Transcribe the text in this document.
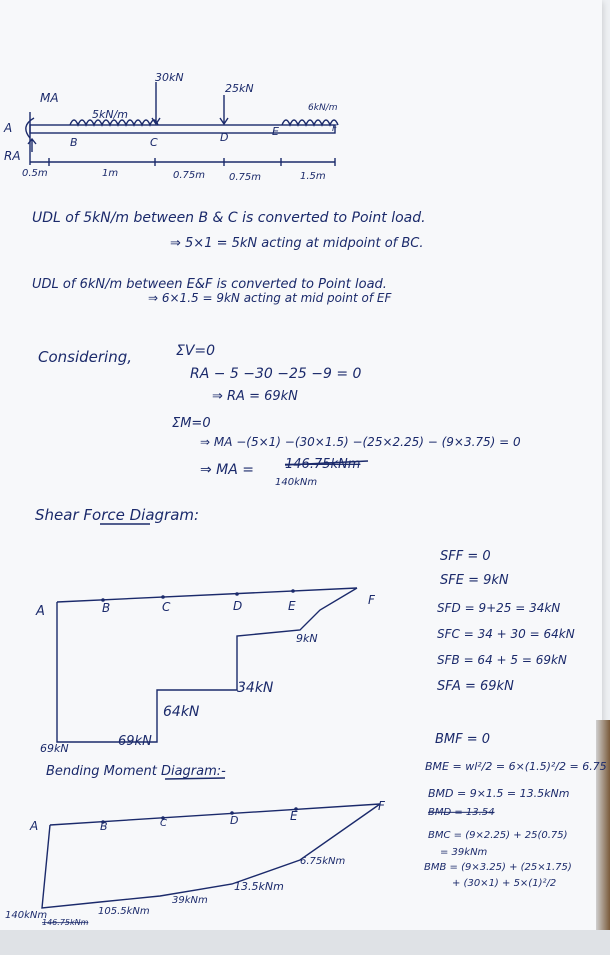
MA
A
RA
B	C	D	E	F
30kN
25kN
5kN/m	6kN/m
0.5m	1m	0.75m 0.75m	1.5m
UDL of 5kN/m between B & C is converted to Point load.
⇒ 5×1 = 5kN acting at midpoint of BC.
UDL of 6kN/m between E&F is converted to Point load.
⇒ 6×1.5 = 9kN acting at mid point of EF
Considering,	ΣV=0
RA − 5 −30 −25 −9 = 0
⇒ RA = 69kN
ΣM=0
⇒ MA −(5×1) −(30×1.5) −(25×2.25) − (9×3.75) = 0
⇒ MA = 146.75kNm
140kNm
Shear Force Diagram:
A	B	C	D	E	F
9kN
34kN
64kN
69kN	69kN
SFF = 0
SFE = 9kN
SFD = 9+25 = 34kN
SFC = 34 + 30 = 64kN
SFB = 64 + 5 = 69kN
SFA = 69kN
Bending Moment Diagram:-
A	B	C	D	E
F
6.75kNm
13.5kNm
39kNm
105.5kNm
140kNm
146.75kNm
BMF = 0
BME = wl²/2 = 6×(1.5)²/2 = 6.75
BMD = 9×1.5 = 13.5kNm
BMD = 13.54
BMC = (9×2.25) + 25(0.75)
= 39kNm
BMB = (9×3.25) + (25×1.75)
+ (30×1) + 5×(1)²/2
